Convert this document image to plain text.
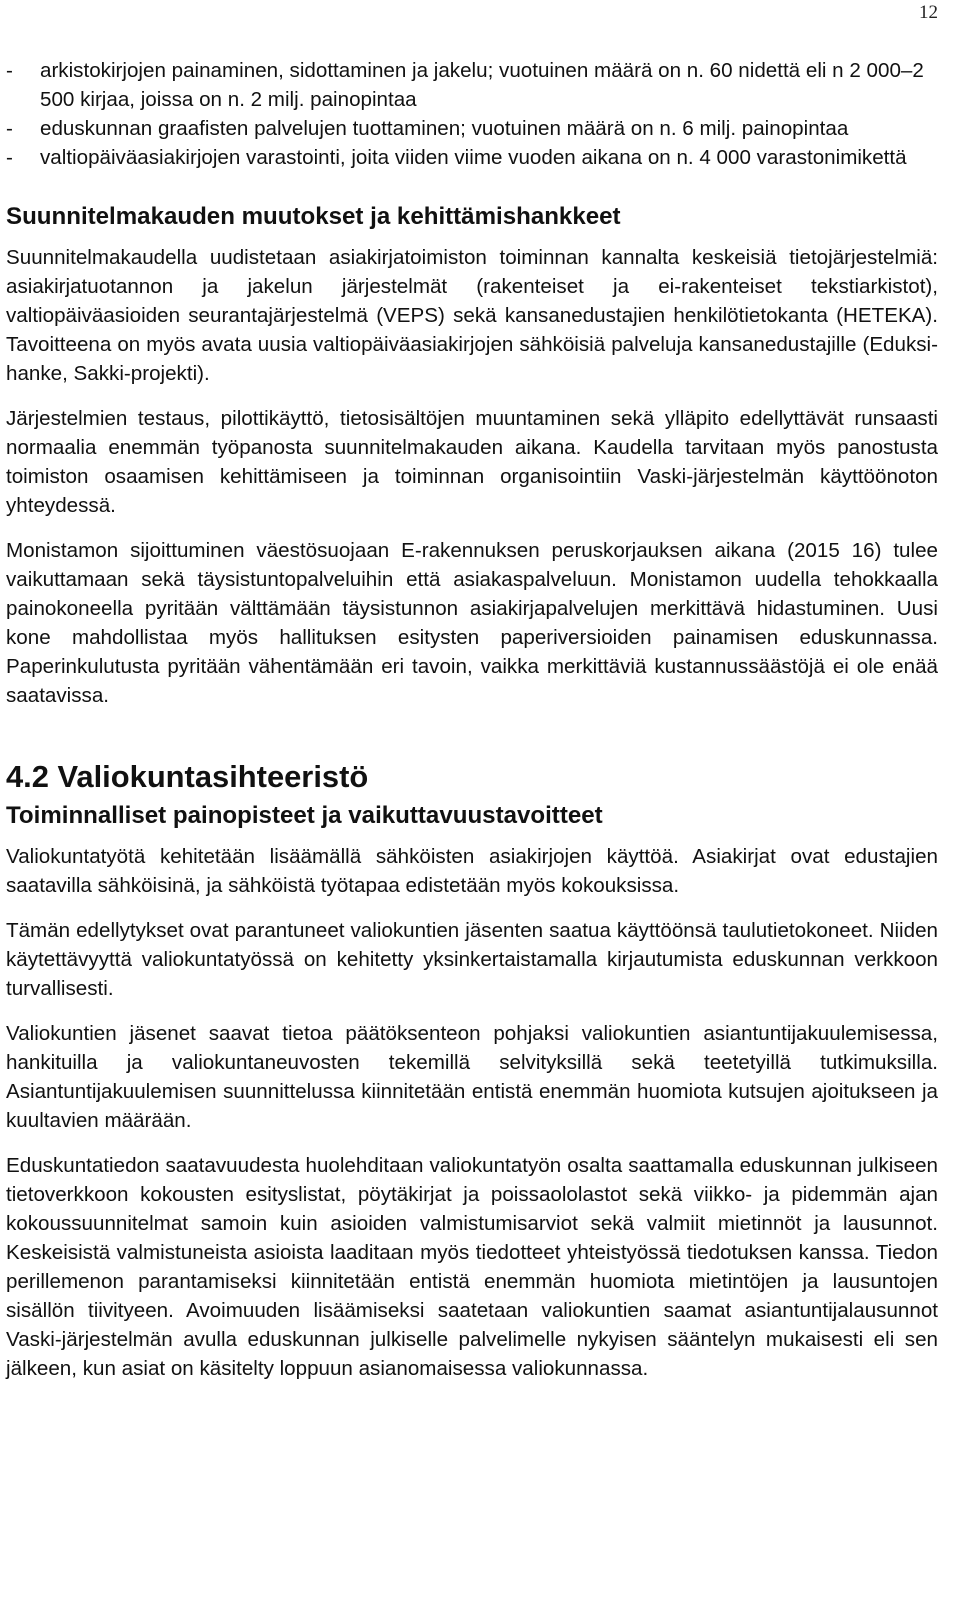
12
- arkistokirjojen painaminen, sidottaminen ja jakelu; vuotuinen määrä on n. 60 nidettä eli n 2 000–2 500 kirjaa, joissa on n. 2 milj. painopintaa
- eduskunnan graafisten palvelujen tuottaminen; vuotuinen määrä on n. 6 milj. painopintaa
- valtiopäiväasiakirjojen varastointi, joita viiden viime vuoden aikana on n. 4 000 varastonimikettä
Suunnitelmakauden muutokset ja kehittämishankkeet

Suunnitelmakaudella uudistetaan asiakirjatoimiston toiminnan kannalta keskeisiä tietojärjestelmiä: asiakirjatuotannon ja jakelun järjestelmät (rakenteiset ja ei-rakenteiset tekstiarkistot), valtiopäiväasioiden seurantajärjestelmä (VEPS) sekä kansanedustajien henkilötietokanta (HETEKA). Tavoitteena on myös avata uusia valtiopäiväasiakirjojen sähköisiä palveluja kansanedustajille (Eduksi-hanke, Sakki-projekti).

Järjestelmien testaus, pilottikäyttö, tietosisältöjen muuntaminen sekä ylläpito edellyttävät runsaasti normaalia enemmän työpanosta suunnitelmakauden aikana. Kaudella tarvitaan myös panostusta toimiston osaamisen kehittämiseen ja toiminnan organisointiin Vaski-järjestelmän käyttöönoton yhteydessä.

Monistamon sijoittuminen väestösuojaan E-rakennuksen peruskorjauksen aikana (2015 16) tulee vaikuttamaan sekä täysistuntopalveluihin että asiakaspalveluun. Monistamon uudella tehokkaalla painokoneella pyritään välttämään täysistunnon asiakirjapalvelujen merkittävä hidastuminen. Uusi kone mahdollistaa myös hallituksen esitysten paperiversioiden painamisen eduskunnassa. Paperinkulutusta pyritään vähentämään eri tavoin, vaikka merkittäviä kustannussäästöjä ei ole enää saatavissa.

4.2 Valiokuntasihteeristö
Toiminnalliset painopisteet ja vaikuttavuustavoitteet

Valiokuntatyötä kehitetään lisäämällä sähköisten asiakirjojen käyttöä. Asiakirjat ovat edustajien saatavilla sähköisinä, ja sähköistä työtapaa edistetään myös kokouksissa.

Tämän edellytykset ovat parantuneet valiokuntien jäsenten saatua käyttöönsä taulutietokoneet. Niiden käytettävyyttä valiokuntatyössä on kehitetty yksinkertaistamalla kirjautumista eduskunnan verkkoon turvallisesti.

Valiokuntien jäsenet saavat tietoa päätöksenteon pohjaksi valiokuntien asiantuntijakuulemisessa, hankituilla ja valiokuntaneuvosten tekemillä selvityksillä sekä teetetyillä tutkimuksilla. Asiantuntijakuulemisen suunnittelussa kiinnitetään entistä enemmän huomiota kutsujen ajoitukseen ja kuultavien määrään.

Eduskuntatiedon saatavuudesta huolehditaan valiokuntatyön osalta saattamalla eduskunnan julkiseen tietoverkkoon kokousten esityslistat, pöytäkirjat ja poissaololastot sekä viikko- ja pidemmän ajan kokoussuunnitelmat samoin kuin asioiden valmistumisarviot sekä valmiit mietinnöt ja lausunnot. Keskeisistä valmistuneista asioista laaditaan myös tiedotteet yhteistyössä tiedotuksen kanssa. Tiedon perillemenon parantamiseksi kiinnitetään entistä enemmän huomiota mietintöjen ja lausuntojen sisällön tiivityeen. Avoimuuden lisäämiseksi saatetaan valiokuntien saamat asiantuntijalausunnot Vaski-järjestelmän avulla eduskunnan julkiselle palvelimelle nykyisen sääntelyn mukaisesti eli sen jälkeen, kun asiat on käsitelty loppuun asianomaisessa valiokunnassa.
